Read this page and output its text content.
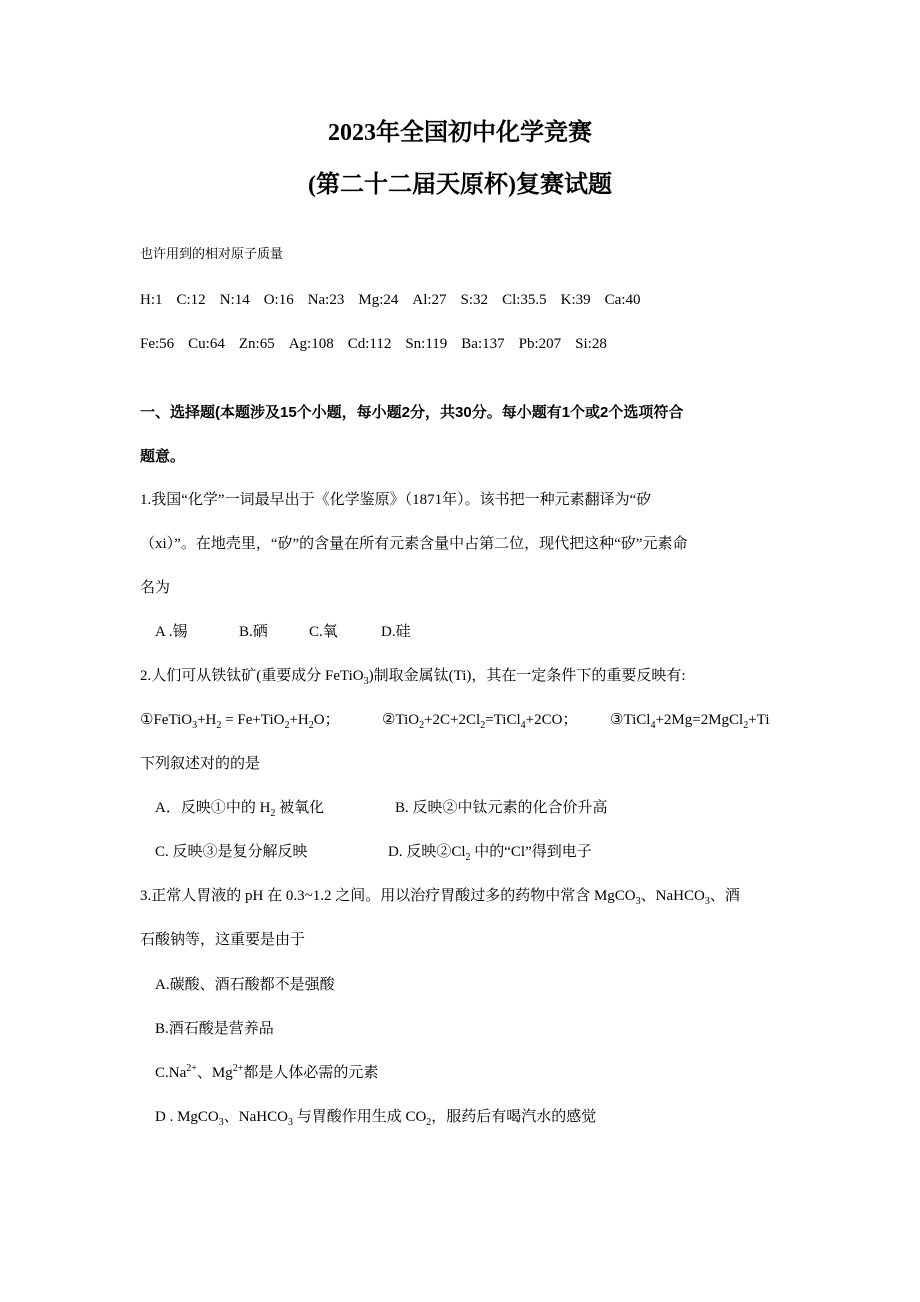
2023年全国初中化学竞赛
(第二十二届天原杯)复赛试题
也许用到的相对原子质量
H:1 C:12 N:14 O:16 Na:23 Mg:24 Al:27 S:32 Cl:35.5 K:39 Ca:40
Fe:56 Cu:64 Zn:65 Ag:108 Cd:112 Sn:119 Ba:137 Pb:207 Si:28
一、选择题(本题涉及15个小题，每小题2分，共30分。每小题有1个或2个选项符合
题意。
1.我国“化学”一词最早出于《化学鉴原》（1871年）。该书把一种元素翻译为“矽
（xi）”。在地壳里，“矽”的含量在所有元素含量中占第二位，现代把这种“矽”元素命
名为
A .锡	B.硒	C.氧	D.硅
2.人们可从铁钛矿(重要成分 FeTiO$_3$)制取金属钛(Ti)，其在一定条件下的重要反映有:
$①FeTiO_3+H_2 = Fe+TiO_2+H_2O$；	$②TiO_2+2C+2Cl_2=TiCl_4+2CO$； ③TiCl$_4$+2Mg=2MgCl$_2$+Ti
下列叙述对的的是
A．反映①中的 $H_2$ 被氧化	B. 反映②中钛元素的化合价升高
C. 反映③是复分解反映	D. 反映$②Cl_2$ 中的“Cl”得到电子
3.正常人胃液的 pH 在 0.3~1.2 之间。用以治疗胃酸过多的药物中常含 MgCO$_3$、NaHCO$_3$、酒
石酸钠等，这重要是由于
A.碳酸、酒石酸都不是强酸
B.酒石酸是营养品
$C.Na^{2+}$、$Mg^{2+}$都是人体必需的元素
D . MgCO$_3$、NaHCO$_3$ 与胃酸作用生成 $CO_2$，服药后有喝汽水的感觉
